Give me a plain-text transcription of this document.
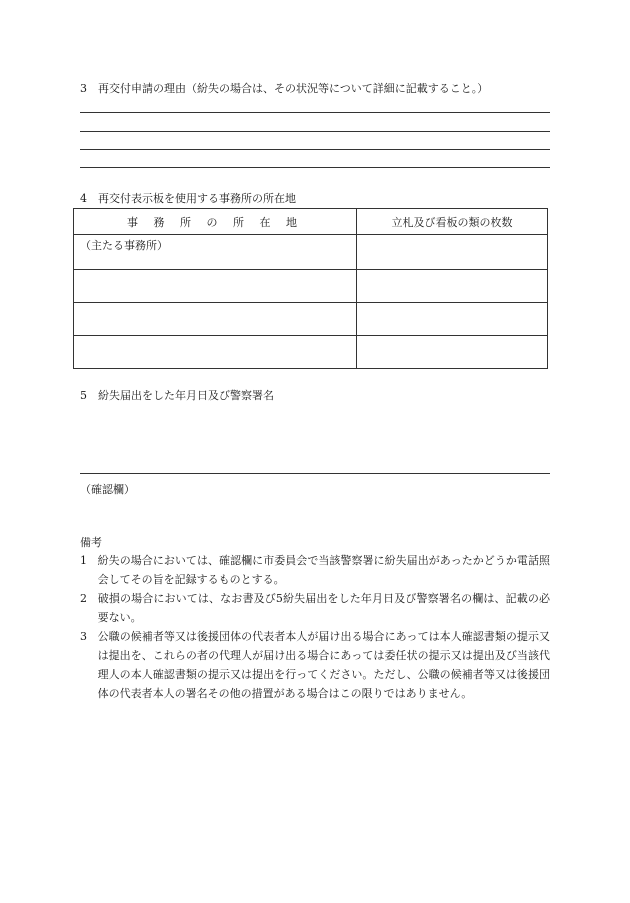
3　再交付申請の理由（紛失の場合は、その状況等について詳細に記載すること。）
4　再交付表示板を使用する事務所の所在地
事 務 所 の 所 在 地	立札及び看板の類の枚数
（主たる事務所）	

5　紛失届出をした年月日及び警察署名
（確認欄）
備考
1 紛失の場合においては、確認欄に市委員会で当該警察署に紛失届出があったかどうか電話照会してその旨を記録するものとする。
2 破損の場合においては、なお書及び5紛失届出をした年月日及び警察署名の欄は、記載の必要ない。
3 公職の候補者等又は後援団体の代表者本人が届け出る場合にあっては本人確認書類の提示又は提出を、これらの者の代理人が届け出る場合にあっては委任状の提示又は提出及び当該代理人の本人確認書類の提示又は提出を行ってください。ただし、公職の候補者等又は後援団体の代表者本人の署名その他の措置がある場合はこの限りではありません。
